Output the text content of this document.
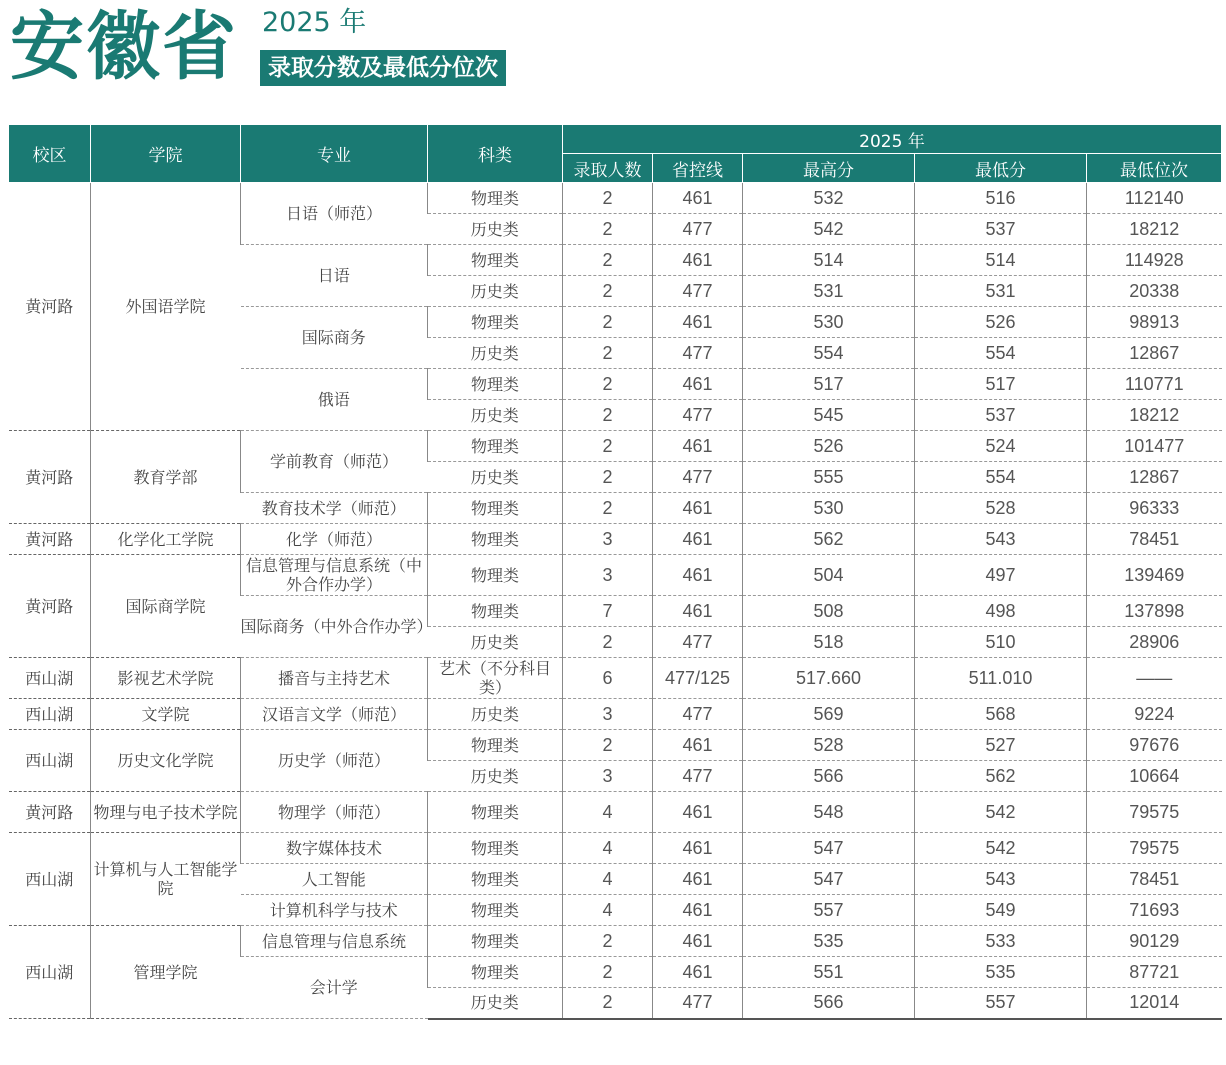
安徽省 2025 年
录取分数及最低分位次
校区	学院	专业	科类	2025 年				
				录取人数	省控线	最高分	最低分	最低位次
黄河路	外国语学院	日语（师范）	物理类	2	461	532	516	112140
			历史类	2	477	542	537	18212
		日语	物理类	2	461	514	514	114928
			历史类	2	477	531	531	20338
		国际商务	物理类	2	461	530	526	98913
			历史类	2	477	554	554	12867
		俄语	物理类	2	461	517	517	110771
			历史类	2	477	545	537	18212
黄河路	教育学部	学前教育（师范）	物理类	2	461	526	524	101477
			历史类	2	477	555	554	12867
		教育技术学（师范）	物理类	2	461	530	528	96333
黄河路	化学化工学院	化学（师范）	物理类	3	461	562	543	78451
黄河路	国际商学院	信息管理与信息系统（中外合作办学）	物理类	3	461	504	497	139469
		国际商务（中外合作办学）	物理类	7	461	508	498	137898
			历史类	2	477	518	510	28906
西山湖	影视艺术学院	播音与主持艺术	艺术（不分科目类）	6	477/125	517.660	511.010	——
西山湖	文学院	汉语言文学（师范）	历史类	3	477	569	568	9224
西山湖	历史文化学院	历史学（师范）	物理类	2	461	528	527	97676
			历史类	3	477	566	562	10664
黄河路	物理与电子技术学院	物理学（师范）	物理类	4	461	548	542	79575
西山湖	计算机与人工智能学院	数字媒体技术	物理类	4	461	547	542	79575
		人工智能	物理类	4	461	547	543	78451
		计算机科学与技术	物理类	4	461	557	549	71693
西山湖	管理学院	信息管理与信息系统	物理类	2	461	535	533	90129
		会计学	物理类	2	461	551	535	87721
			历史类	2	477	566	557	12014
